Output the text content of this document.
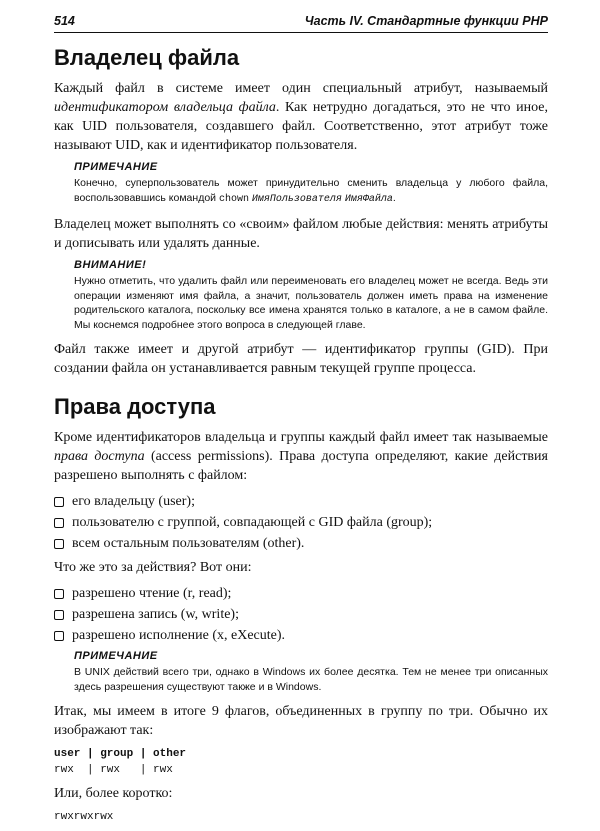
514	Часть IV. Стандартные функции PHP
Владелец файла

Каждый файл в системе имеет один специальный атрибут, называемый идентификатором владельца файла. Как нетрудно догадаться, это не что иное, как UID пользователя, создавшего файл. Соответственно, этот атрибут тоже называют UID, как и идентификатор пользователя.

ПРИМЕЧАНИЕ

Конечно, суперпользователь может принудительно сменить владельца у любого файла, воспользовавшись командой chown ИмяПользователя ИмяФайла.

Владелец может выполнять со «своим» файлом любые действия: менять атрибуты и дописывать или удалять данные.

ВНИМАНИЕ!

Нужно отметить, что удалить файл или переименовать его владелец может не всегда. Ведь эти операции изменяют имя файла, а значит, пользователь должен иметь права на изменение родительского каталога, поскольку все имена хранятся только в каталоге, а не в самом файле. Мы коснемся подробнее этого вопроса в следующей главе.

Файл также имеет и другой атрибут — идентификатор группы (GID). При создании файла он устанавливается равным текущей группе процесса.

Права доступа

Кроме идентификаторов владельца и группы каждый файл имеет так называемые права доступа (access permissions). Права доступа определяют, какие действия разрешено выполнять с файлом:

его владельцу (user);
пользователю с группой, совпадающей с GID файла (group);
всем остальным пользователям (other).

Что же это за действия? Вот они:

разрешено чтение (r, read);
разрешена запись (w, write);
разрешено исполнение (x, eXecute).
ПРИМЕЧАНИЕ

В UNIX действий всего три, однако в Windows их более десятка. Тем не менее три описанных здесь разрешения существуют также и в Windows.

Итак, мы имеем в итоге 9 флагов, объединенных в группу по три. Обычно их изображают так:

user | group | other
rwx  | rwx   | rwx

Или, более коротко:

rwxrwxrwx
